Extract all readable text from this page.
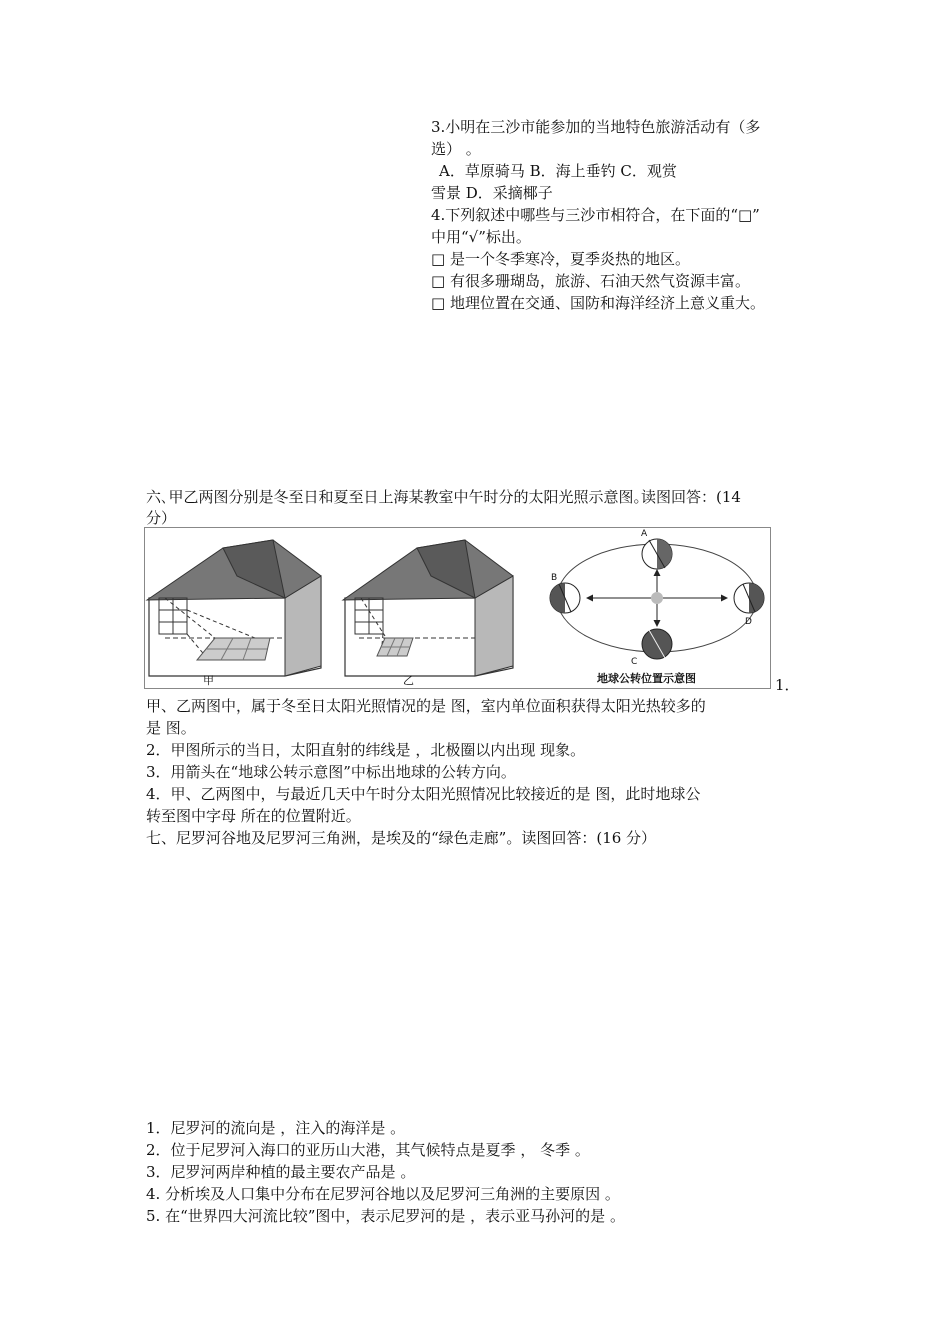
3.小明在三沙市能参加的当地特色旅游活动有（多
选） 。
A．草原骑马 B．海上垂钓 C．观赏
雪景 D．采摘椰子
4.下列叙述中哪些与三沙市相符合，在下面的“□”
中用“√”标出。
□ 是一个冬季寒冷，夏季炎热的地区。
□ 有很多珊瑚岛，旅游、石油天然气资源丰富。
□ 地理位置在交通、国防和海洋经济上意义重大。
六､甲乙两图分别是冬至日和夏至日上海某教室中午时分的太阳光照示意图｡读图回答：(14
分）
甲	乙
A
B
C
D
地球公转位置示意图	1．
甲、乙两图中，属于冬至日太阳光照情况的是 图，室内单位面积获得太阳光热较多的
是 图。
2．甲图所示的当日，太阳直射的纬线是 ，北极圈以内出现 现象。
3．用箭头在“地球公转示意图”中标出地球的公转方向。
4．甲、乙两图中，与最近几天中午时分太阳光照情况比较接近的是 图，此时地球公
转至图中字母 所在的位置附近。
七、尼罗河谷地及尼罗河三角洲，是埃及的“绿色走廊”。读图回答：(16 分）
1．尼罗河的流向是 ，注入的海洋是 。
2．位于尼罗河入海口的亚历山大港，其气候特点是夏季 ， 冬季 。
3．尼罗河两岸种植的最主要农产品是 。
4. 分析埃及人口集中分布在尼罗河谷地以及尼罗河三角洲的主要原因 。
5. 在“世界四大河流比较”图中，表示尼罗河的是 ，表示亚马孙河的是 。
